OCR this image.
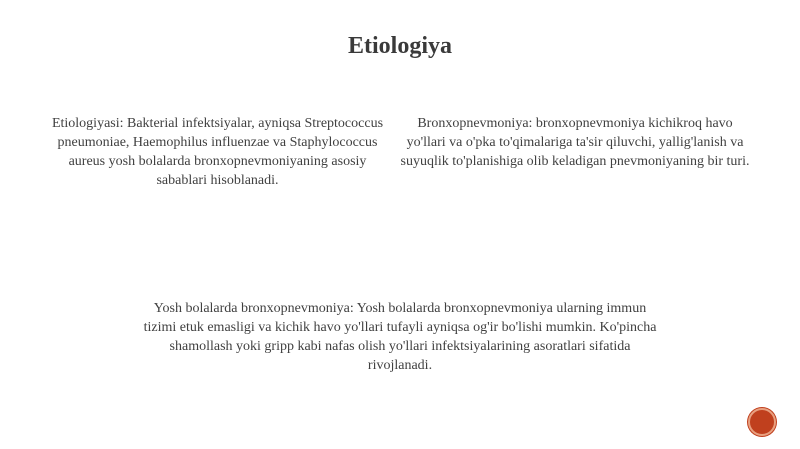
Etiologiya
Etiologiyasi: Bakterial infektsiyalar, ayniqsa Streptococcus pneumoniae, Haemophilus influenzae va Staphylococcus aureus yosh bolalarda bronxopnevmoniyaning asosiy sabablari hisoblanadi.
Bronxopnevmoniya: bronxopnevmoniya kichikroq havo yo'llari va o'pka to'qimalariga ta'sir qiluvchi, yallig'lanish va suyuqlik to'planishiga olib keladigan pnevmoniyaning bir turi.
Yosh bolalarda bronxopnevmoniya: Yosh bolalarda bronxopnevmoniya ularning immun tizimi etuk emasligi va kichik havo yo'llari tufayli ayniqsa og'ir bo'lishi mumkin. Ko'pincha shamollash yoki gripp kabi nafas olish yo'llari infektsiyalarining asoratlari sifatida rivojlanadi.
